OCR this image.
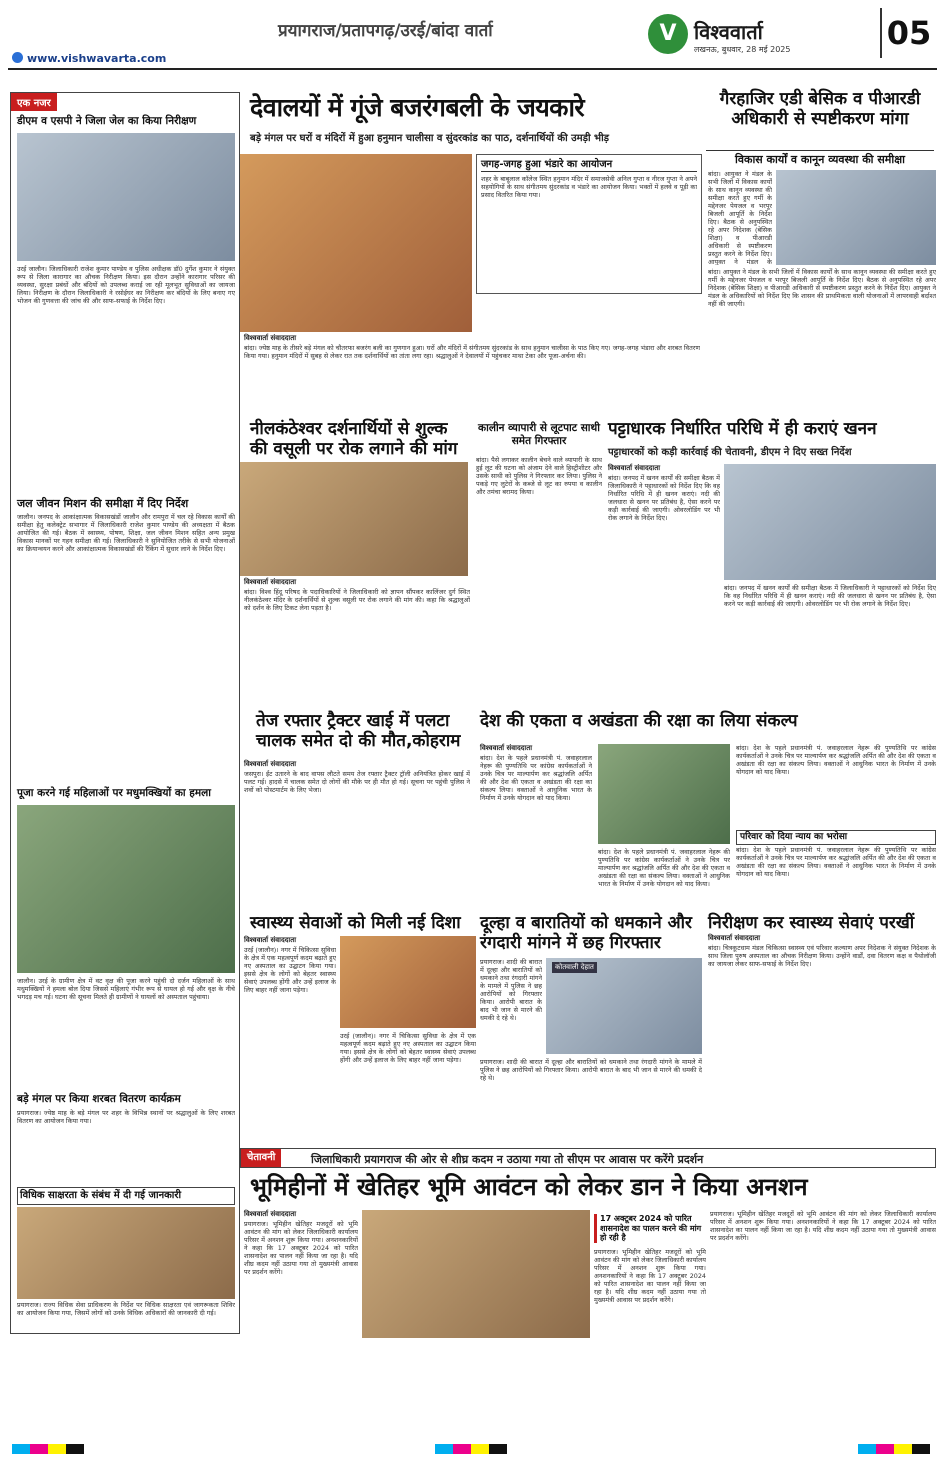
प्रयागराज/प्रतापगढ़/उरई/बांदा वार्ता
www.vishwavarta.com
V विश्ववार्ता
लखनऊ, बुधवार, 28 मई 2025	05
एक नजर
डीएम व एसपी ने जिला जेल का किया निरीक्षण
उरई जालौन। जिलाधिकारी राजेश कुमार पाण्डेय व पुलिस अधीक्षक डॉ0 दुर्गेश कुमार ने संयुक्त रूप से जिला कारागार का औचक निरीक्षण किया। इस दौरान उन्होंने कारागार परिसर की व्यवस्था, सुरक्षा प्रबंधों और बंदियों को उपलब्ध कराई जा रही मूलभूत सुविधाओं का जायजा लिया। निरीक्षण के दौरान जिलाधिकारी ने रसोईघर का निरीक्षण कर बंदियों के लिए बनाए गए भोजन की गुणवत्ता की जांच की और साफ-सफाई के निर्देश दिए।
जल जीवन मिशन की समीक्षा में दिए निर्देश
जालौन। जनपद के आकांक्षात्मक विकासखंडों जालौन और रामपुरा में चल रहे विकास कार्यों की समीक्षा हेतु कलेक्ट्रेट सभागार में जिलाधिकारी राजेश कुमार पाण्डेय की अध्यक्षता में बैठक आयोजित की गई। बैठक में स्वास्थ्य, पोषण, शिक्षा, जल जीवन मिशन सहित अन्य प्रमुख विकास मानकों पर गहन समीक्षा की गई। जिलाधिकारी ने सुनियोजित तरीके से सभी योजनाओं का क्रियान्वयन करने और आकांक्षात्मक विकासखंडों की रैंकिंग में सुधार लाने के निर्देश दिए।
पूजा करने गई महिलाओं पर मधुमक्खियों का हमला
जालौन। उरई के ग्रामीण क्षेत्र में वट वृक्ष की पूजा करने पहुंची दो दर्जन महिलाओं के साथ मधुमक्खियों ने हमला बोल दिया जिससे महिलाएं गंभीर रूप से घायल हो गई और वृक्ष के नीचे भगदड़ मच गई। घटना की सूचना मिलते ही ग्रामीणों ने घायलों को अस्पताल पहुंचाया।
बड़े मंगल पर किया शरबत वितरण कार्यक्रम
प्रयागराज। ज्येष्ठ माह के बड़े मंगल पर शहर के विभिन्न स्थानों पर श्रद्धालुओं के लिए शरबत वितरण का आयोजन किया गया।
विधिक साक्षरता के संबंध में दी गई जानकारी
प्रयागराज। राज्य विधिक सेवा प्राधिकरण के निर्देश पर विधिक साक्षरता एवं जागरूकता शिविर का आयोजन किया गया, जिसमें लोगों को उनके विधिक अधिकारों की जानकारी दी गई।
देवालयों में गूंजे बजरंगबली के जयकारे
बड़े मंगल पर घरों व मंदिरों में हुआ हनुमान चालीसा व सुंदरकांड का पाठ, दर्शनार्थियों की उमड़ी भीड़
जगह-जगह हुआ भंडारे का आयोजन
शहर के बाबूलाल कॉलेज स्थित हनुमान मंदिर में समाजसेवी अनिल गुप्ता व नीरज गुप्ता ने अपने सहयोगियों के साथ संगीतमय सुंदरकांड व भंडारे का आयोजन किया। भक्तों में हलवे व पूड़ी का प्रसाद वितरित किया गया।
विश्ववार्ता संवाददाता
बांदा। ज्येष्ठ माह के तीसरे बड़े मंगल को चौतरफा बजरंग बली का गुणगान हुआ। घरों और मंदिरों में संगीतमय सुंदरकांड के साथ हनुमान चालीसा के पाठ किए गए। जगह-जगह भंडारा और शरबत वितरण किया गया। हनुमान मंदिरों में सुबह से लेकर रात तक दर्शनार्थियों का तांता लगा रहा। श्रद्धालुओं ने देवालयों में पहुंचकर माथा टेका और पूजा-अर्चना की।
गैरहाजिर एडी बेसिक व पीआरडी अधिकारी से स्पष्टीकरण मांगा
विकास कार्यों व कानून व्यवस्था की समीक्षा
बांदा। आयुक्त ने मंडल के सभी जिलों में विकास कार्यों के साथ कानून व्यवस्था की समीक्षा करते हुए गर्मी के मद्देनजर पेयजल व भरपूर बिजली आपूर्ति के निर्देश दिए। बैठक से अनुपस्थित रहे अपर निदेशक (बेसिक शिक्षा) व पीआरडी अधिकारी से स्पष्टीकरण प्रस्तुत करने के निर्देश दिए। आयुक्त ने मंडल के
बांदा। आयुक्त ने मंडल के सभी जिलों में विकास कार्यों के साथ कानून व्यवस्था की समीक्षा करते हुए गर्मी के मद्देनजर पेयजल व भरपूर बिजली आपूर्ति के निर्देश दिए। बैठक से अनुपस्थित रहे अपर निदेशक (बेसिक शिक्षा) व पीआरडी अधिकारी से स्पष्टीकरण प्रस्तुत करने के निर्देश दिए। आयुक्त ने मंडल के अधिकारियों को निर्देश दिए कि शासन की प्राथमिकता वाली योजनाओं में लापरवाही बर्दाश्त नहीं की जाएगी।
नीलकंठेश्वर दर्शनार्थियों से शुल्क की वसूली पर रोक लगाने की मांग
विश्ववार्ता संवाददाता
बांदा। विश्व हिंदू परिषद के पदाधिकारियों ने जिलाधिकारी को ज्ञापन सौंपकर कालिंजर दुर्ग स्थित नीलकंठेश्वर मंदिर के दर्शनार्थियों से शुल्क वसूली पर रोक लगाने की मांग की। कहा कि श्रद्धालुओं को दर्शन के लिए टिकट लेना पड़ता है।
कालीन व्यापारी से लूटपाट साथी समेत गिरफ्तार
बांदा। पैसे लगाकर कालीन बेचने वाले व्यापारी के साथ हुई लूट की घटना को अंजाम देने वाले हिस्ट्रीशीटर और उसके साथी को पुलिस ने गिरफ्तार कर लिया। पुलिस ने पकड़े गए लुटेरों के कब्जे से लूट का रुपया व कालीन और तमंचा बरामद किया।
पट्टाधारक निर्धारित परिधि में ही कराएं खनन
पट्टाधारकों को कड़ी कार्रवाई की चेतावनी, डीएम ने दिए सख्त निर्देश
विश्ववार्ता संवाददाता
बांदा। जनपद में खनन कार्यों की समीक्षा बैठक में जिलाधिकारी ने पट्टाधारकों को निर्देश दिए कि वह निर्धारित परिधि में ही खनन कराएं। नदी की जलधारा से खनन पर प्रतिबंध है, ऐसा करने पर कड़ी कार्रवाई की जाएगी। ओवरलोडिंग पर भी रोक लगाने के निर्देश दिए।
बांदा। जनपद में खनन कार्यों की समीक्षा बैठक में जिलाधिकारी ने पट्टाधारकों को निर्देश दिए कि वह निर्धारित परिधि में ही खनन कराएं। नदी की जलधारा से खनन पर प्रतिबंध है, ऐसा करने पर कड़ी कार्रवाई की जाएगी। ओवरलोडिंग पर भी रोक लगाने के निर्देश दिए।
तेज रफ्तार ट्रैक्टर खाई में पलटा चालक समेत दो की मौत,कोहराम
विश्ववार्ता संवाददाता
जसपुरा। ईंट उतारने के बाद वापस लौटते समय तेज रफ्तार ट्रैक्टर ट्रॉली अनियंत्रित होकर खाई में पलट गई। हादसे में चालक समेत दो लोगों की मौके पर ही मौत हो गई। सूचना पर पहुंची पुलिस ने शवों को पोस्टमार्टम के लिए भेजा।
देश की एकता व अखंडता की रक्षा का लिया संकल्प
विश्ववार्ता संवाददाता
बांदा। देश के पहले प्रधानमंत्री पं. जवाहरलाल नेहरू की पुण्यतिथि पर कांग्रेस कार्यकर्ताओं ने उनके चित्र पर माल्यार्पण कर श्रद्धांजलि अर्पित की और देश की एकता व अखंडता की रक्षा का संकल्प लिया। वक्ताओं ने आधुनिक भारत के निर्माण में उनके योगदान को याद किया।
बांदा। देश के पहले प्रधानमंत्री पं. जवाहरलाल नेहरू की पुण्यतिथि पर कांग्रेस कार्यकर्ताओं ने उनके चित्र पर माल्यार्पण कर श्रद्धांजलि अर्पित की और देश की एकता व अखंडता की रक्षा का संकल्प लिया। वक्ताओं ने आधुनिक भारत के निर्माण में उनके योगदान को याद किया।
बांदा। देश के पहले प्रधानमंत्री पं. जवाहरलाल नेहरू की पुण्यतिथि पर कांग्रेस कार्यकर्ताओं ने उनके चित्र पर माल्यार्पण कर श्रद्धांजलि अर्पित की और देश की एकता व अखंडता की रक्षा का संकल्प लिया। वक्ताओं ने आधुनिक भारत के निर्माण में उनके योगदान को याद किया।
परिवार को दिया न्याय का भरोसा
बांदा। देश के पहले प्रधानमंत्री पं. जवाहरलाल नेहरू की पुण्यतिथि पर कांग्रेस कार्यकर्ताओं ने उनके चित्र पर माल्यार्पण कर श्रद्धांजलि अर्पित की और देश की एकता व अखंडता की रक्षा का संकल्प लिया। वक्ताओं ने आधुनिक भारत के निर्माण में उनके योगदान को याद किया।
स्वास्थ्य सेवाओं को मिली नई दिशा
विश्ववार्ता संवाददाता
उरई (जालौन)। नगर में चिकित्सा सुविधा के क्षेत्र में एक महत्वपूर्ण कदम बढ़ाते हुए नए अस्पताल का उद्घाटन किया गया। इससे क्षेत्र के लोगों को बेहतर स्वास्थ्य सेवाएं उपलब्ध होंगी और उन्हें इलाज के लिए बाहर नहीं जाना पड़ेगा।
उरई (जालौन)। नगर में चिकित्सा सुविधा के क्षेत्र में एक महत्वपूर्ण कदम बढ़ाते हुए नए अस्पताल का उद्घाटन किया गया। इससे क्षेत्र के लोगों को बेहतर स्वास्थ्य सेवाएं उपलब्ध होंगी और उन्हें इलाज के लिए बाहर नहीं जाना पड़ेगा।
दूल्हा व बारातियों को धमकाने और रंगदारी मांगने में छह गिरफ्तार
प्रयागराज। शादी की बारात में दूल्हा और बारातियों को धमकाने तथा रंगदारी मांगने के मामले में पुलिस ने छह आरोपियों को गिरफ्तार किया। आरोपी बारात के बाद भी जान से मारने की धमकी दे रहे थे।
कोतवाली देहात
प्रयागराज। शादी की बारात में दूल्हा और बारातियों को धमकाने तथा रंगदारी मांगने के मामले में पुलिस ने छह आरोपियों को गिरफ्तार किया। आरोपी बारात के बाद भी जान से मारने की धमकी दे रहे थे।
निरीक्षण कर स्वास्थ्य सेवाएं परखीं
विश्ववार्ता संवाददाता
बांदा। चित्रकूटधाम मंडल चिकित्सा स्वास्थ्य एवं परिवार कल्याण अपर निदेशक ने संयुक्त निदेशक के साथ जिला पुरुष अस्पताल का औचक निरीक्षण किया। उन्होंने वार्डों, दवा वितरण कक्ष व पैथोलॉजी का जायजा लेकर साफ-सफाई के निर्देश दिए।
चेतावनी	जिलाधिकारी प्रयागराज की ओर से शीघ्र कदम न उठाया गया तो सीएम पर आवास पर करेंगे प्रदर्शन
भूमिहीनों में खेतिहर भूमि आवंटन को लेकर डान ने किया अनशन
विश्ववार्ता संवाददाता
प्रयागराज। भूमिहीन खेतिहर मजदूरों को भूमि आवंटन की मांग को लेकर जिलाधिकारी कार्यालय परिसर में अनशन शुरू किया गया। अनशनकारियों ने कहा कि 17 अक्टूबर 2024 को पारित शासनादेश का पालन नहीं किया जा रहा है। यदि शीघ्र कदम नहीं उठाया गया तो मुख्यमंत्री आवास पर प्रदर्शन करेंगे।
17 अक्टूबर 2024 को पारित शासनादेश का पालन करने की मांग हो रही है
प्रयागराज। भूमिहीन खेतिहर मजदूरों को भूमि आवंटन की मांग को लेकर जिलाधिकारी कार्यालय परिसर में अनशन शुरू किया गया। अनशनकारियों ने कहा कि 17 अक्टूबर 2024 को पारित शासनादेश का पालन नहीं किया जा रहा है। यदि शीघ्र कदम नहीं उठाया गया तो मुख्यमंत्री आवास पर प्रदर्शन करेंगे।
प्रयागराज। भूमिहीन खेतिहर मजदूरों को भूमि आवंटन की मांग को लेकर जिलाधिकारी कार्यालय परिसर में अनशन शुरू किया गया। अनशनकारियों ने कहा कि 17 अक्टूबर 2024 को पारित शासनादेश का पालन नहीं किया जा रहा है। यदि शीघ्र कदम नहीं उठाया गया तो मुख्यमंत्री आवास पर प्रदर्शन करेंगे।
